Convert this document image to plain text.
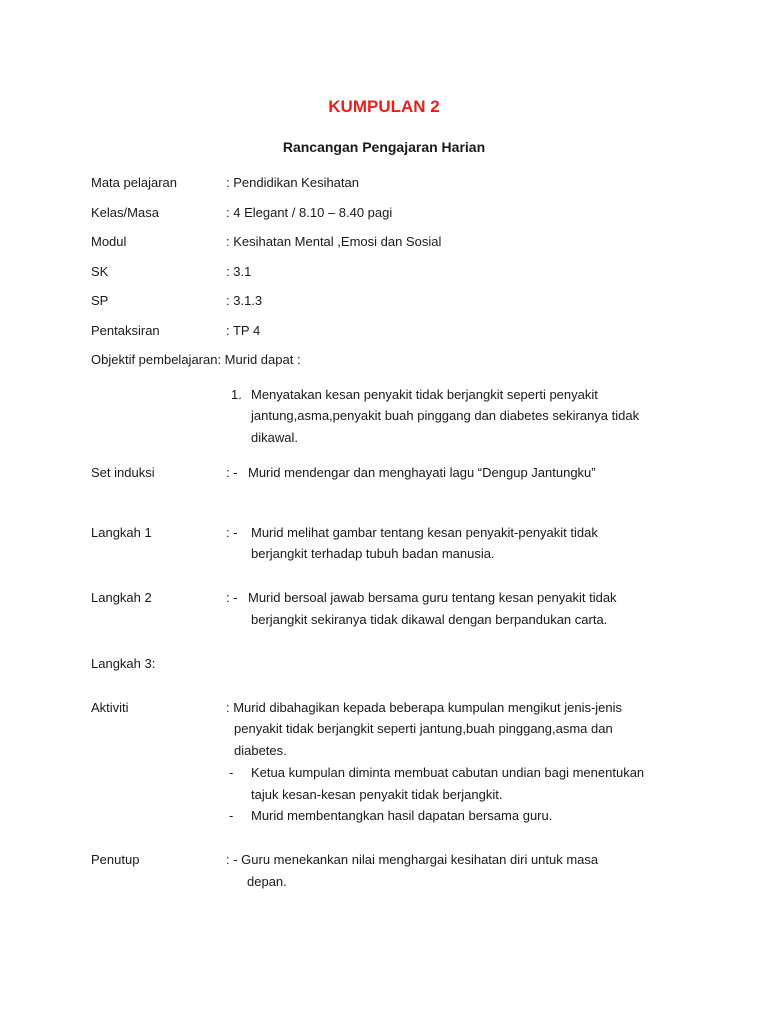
KUMPULAN 2
Rancangan Pengajaran Harian
Mata pelajaran	: Pendidikan Kesihatan
Kelas/Masa	: 4 Elegant / 8.10 – 8.40 pagi
Modul	: Kesihatan Mental ,Emosi dan Sosial
SK	: 3.1
SP	: 3.1.3
Pentaksiran	: TP 4
Objektif pembelajaran: Murid dapat :
1. Menyatakan kesan penyakit tidak berjangkit seperti penyakit
jantung,asma,penyakit buah pinggang dan diabetes sekiranya tidak
dikawal.
Set induksi	: - Murid mendengar dan menghayati lagu “Dengup Jantungku”
Langkah 1	: - Murid melihat gambar tentang kesan penyakit-penyakit tidak
berjangkit terhadap tubuh badan manusia.
Langkah 2	: - Murid bersoal jawab bersama guru tentang kesan penyakit tidak
berjangkit sekiranya tidak dikawal dengan berpandukan carta.
Langkah 3:
Aktiviti	: Murid dibahagikan kepada beberapa kumpulan mengikut jenis-jenis
penyakit tidak berjangkit seperti jantung,buah pinggang,asma dan
diabetes.
- Ketua kumpulan diminta membuat cabutan undian bagi menentukan
tajuk kesan-kesan penyakit tidak berjangkit.
- Murid membentangkan hasil dapatan bersama guru.
Penutup	: - Guru menekankan nilai menghargai kesihatan diri untuk masa
depan.
